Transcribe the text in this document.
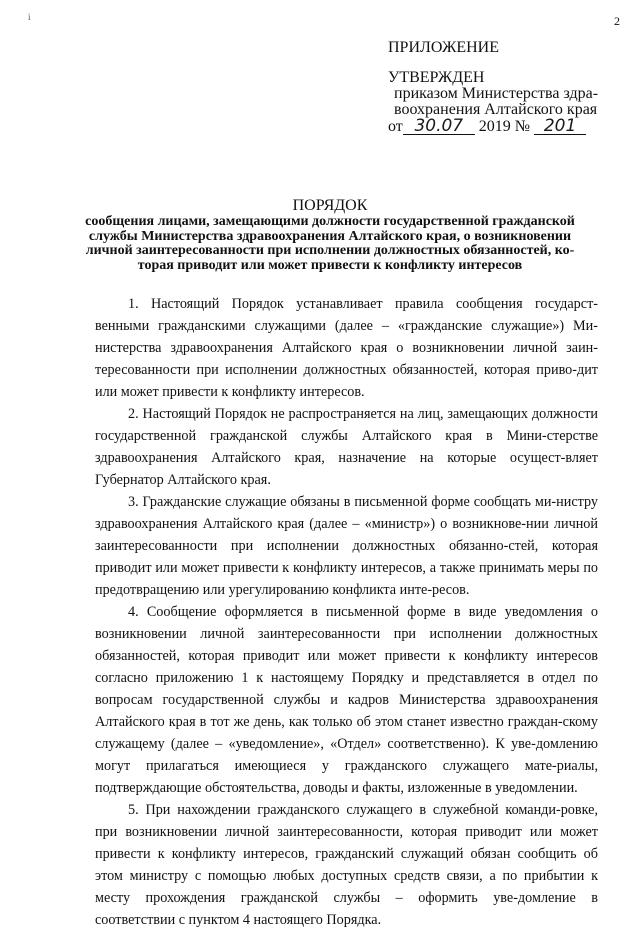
i	2
ПРИЛОЖЕНИЕ
УТВЕРЖДЕН
приказом Министерства здра-
воохранения Алтайского края
от 30.07 2019 № 201
ПОРЯДОК
сообщения лицами, замещающими должности государственной гражданской
службы Министерства здравоохранения Алтайского края, о возникновении
личной заинтересованности при исполнении должностных обязанностей, ко-
торая приводит или может привести к конфликту интересов

1. Настоящий Порядок устанавливает правила сообщения государст-венными гражданскими служащими (далее – «гражданские служащие») Ми-нистерства здравоохранения Алтайского края о возникновении личной заин-тересованности при исполнении должностных обязанностей, которая приво-дит или может привести к конфликту интересов.

2. Настоящий Порядок не распространяется на лиц, замещающих должности государственной гражданской службы Алтайского края в Мини-стерстве здравоохранения Алтайского края, назначение на которые осущест-вляет Губернатор Алтайского края.

3. Гражданские служащие обязаны в письменной форме сообщать ми-нистру здравоохранения Алтайского края (далее – «министр») о возникнове-нии личной заинтересованности при исполнении должностных обязанно-стей, которая приводит или может привести к конфликту интересов, а также принимать меры по предотвращению или урегулированию конфликта инте-ресов.

4. Сообщение оформляется в письменной форме в виде уведомления о возникновении личной заинтересованности при исполнении должностных обязанностей, которая приводит или может привести к конфликту интересов согласно приложению 1 к настоящему Порядку и представляется в отдел по вопросам государственной службы и кадров Министерства здравоохранения Алтайского края в тот же день, как только об этом станет известно граждан-скому служащему (далее – «уведомление», «Отдел» соответственно). К уве-домлению могут прилагаться имеющиеся у гражданского служащего мате-риалы, подтверждающие обстоятельства, доводы и факты, изложенные в уведомлении.

5. При нахождении гражданского служащего в служебной команди-ровке, при возникновении личной заинтересованности, которая приводит или может привести к конфликту интересов, гражданский служащий обязан сообщить об этом министру с помощью любых доступных средств связи, а по прибытии к месту прохождения гражданской службы – оформить уве-домление в соответствии с пунктом 4 настоящего Порядка.
